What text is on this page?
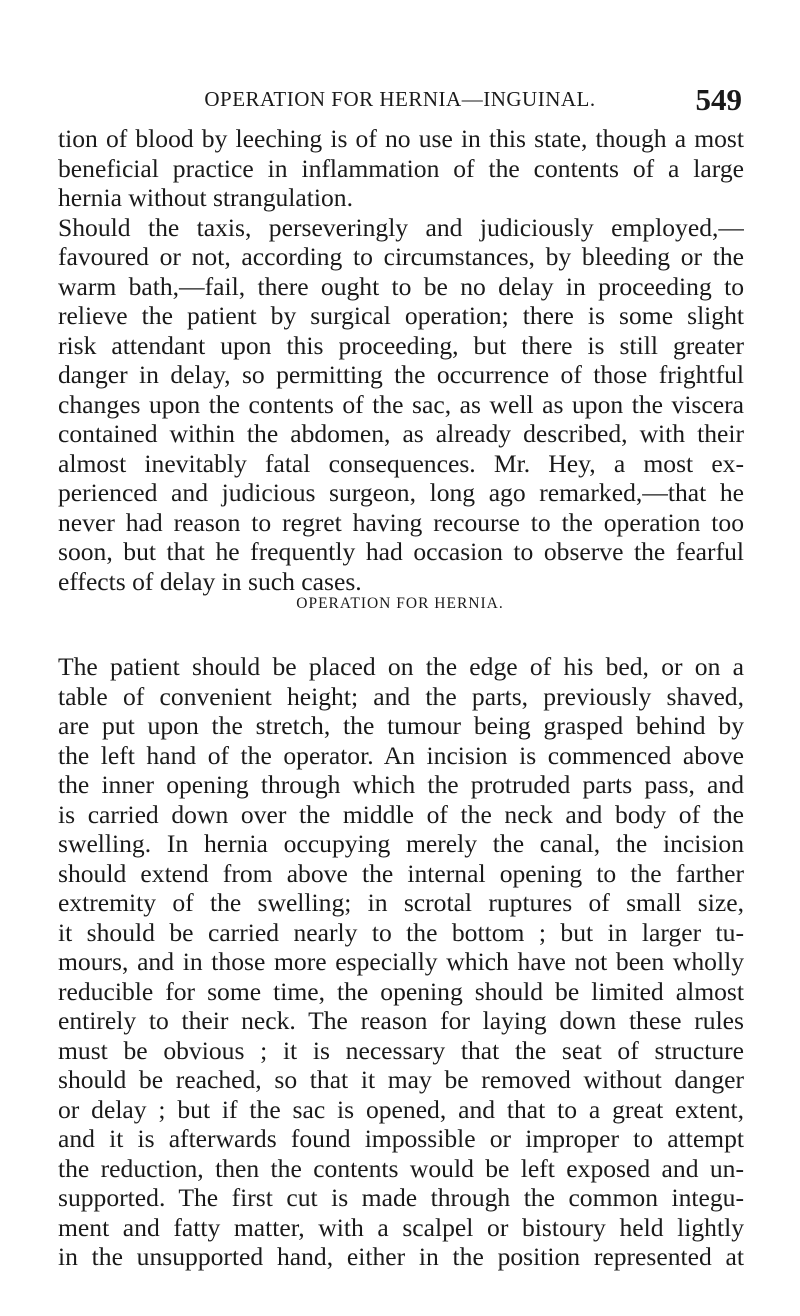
OPERATION FOR HERNIA—INGUINAL.	549
tion of blood by leeching is of no use in this state, though a most
beneficial practice in inflammation of the contents of a large
hernia without strangulation.
Should the taxis, perseveringly and judiciously employed,—
favoured or not, according to circumstances, by bleeding or the
warm bath,—fail, there ought to be no delay in proceeding to
relieve the patient by surgical operation; there is some slight
risk attendant upon this proceeding, but there is still greater
danger in delay, so permitting the occurrence of those frightful
changes upon the contents of the sac, as well as upon the viscera
contained within the abdomen, as already described, with their
almost inevitably fatal consequences. Mr. Hey, a most ex-
perienced and judicious surgeon, long ago remarked,—that he
never had reason to regret having recourse to the operation too
soon, but that he frequently had occasion to observe the fearful
effects of delay in such cases.
OPERATION FOR HERNIA.
The patient should be placed on the edge of his bed, or on a
table of convenient height; and the parts, previously shaved,
are put upon the stretch, the tumour being grasped behind by
the left hand of the operator. An incision is commenced above
the inner opening through which the protruded parts pass, and
is carried down over the middle of the neck and body of the
swelling. In hernia occupying merely the canal, the incision
should extend from above the internal opening to the farther
extremity of the swelling; in scrotal ruptures of small size,
it should be carried nearly to the bottom ; but in larger tu-
mours, and in those more especially which have not been wholly
reducible for some time, the opening should be limited almost
entirely to their neck. The reason for laying down these rules
must be obvious ; it is necessary that the seat of structure
should be reached, so that it may be removed without danger
or delay ; but if the sac is opened, and that to a great extent,
and it is afterwards found impossible or improper to attempt
the reduction, then the contents would be left exposed and un-
supported. The first cut is made through the common integu-
ment and fatty matter, with a scalpel or bistoury held lightly
in the unsupported hand, either in the position represented at
